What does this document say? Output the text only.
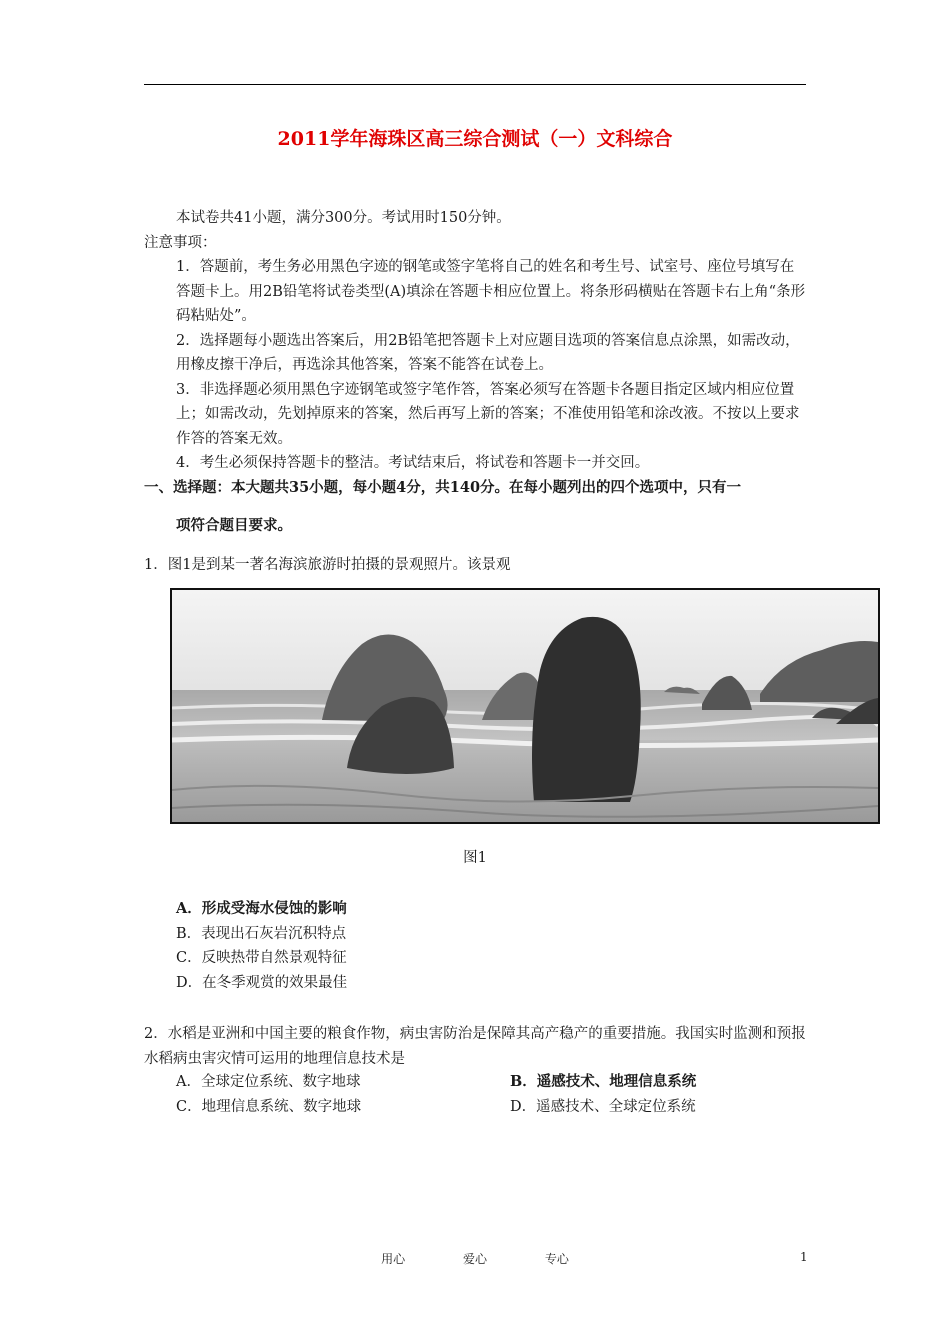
2011学年海珠区高三综合测试（一）文科综合

本试卷共41小题，满分300分。考试用时150分钟。

注意事项：

1．答题前，考生务必用黑色字迹的钢笔或签字笔将自己的姓名和考生号、试室号、座位号填写在答题卡上。用2B铅笔将试卷类型(A)填涂在答题卡相应位置上。将条形码横贴在答题卡右上角“条形码粘贴处”。

2．选择题每小题选出答案后，用2B铅笔把答题卡上对应题目选项的答案信息点涂黑，如需改动，用橡皮擦干净后，再选涂其他答案，答案不能答在试卷上。

3．非选择题必须用黑色字迹钢笔或签字笔作答，答案必须写在答题卡各题目指定区域内相应位置上；如需改动，先划掉原来的答案，然后再写上新的答案；不准使用铅笔和涂改液。不按以上要求作答的答案无效。

4．考生必须保持答题卡的整洁。考试结束后，将试卷和答题卡一并交回。

一、选择题：本大题共35小题，每小题4分，共140分。在每小题列出的四个选项中，只有一

项符合题目要求。

1．图1是到某一著名海滨旅游时拍摄的景观照片。该景观

图1
A．形成受海水侵蚀的影响
B．表现出石灰岩沉积特点
C．反映热带自然景观特征
D．在冬季观赏的效果最佳

2．水稻是亚洲和中国主要的粮食作物，病虫害防治是保障其高产稳产的重要措施。我国实时监测和预报水稻病虫害灾情可运用的地理信息技术是

A．全球定位系统、数字地球	B．遥感技术、地理信息系统
C．地理信息系统、数字地球	D．遥感技术、全球定位系统
用心	爱心	专心	1
